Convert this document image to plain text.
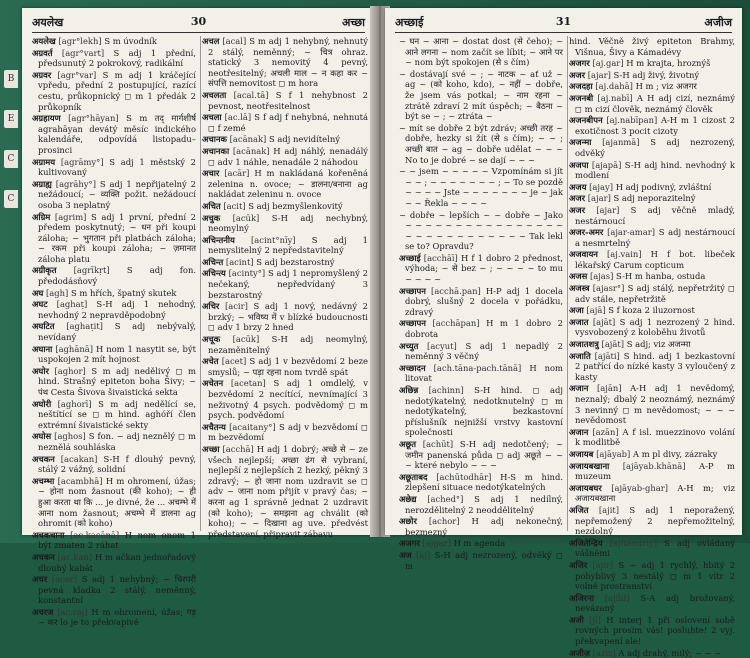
B
E
C
C
अयलेख	30	अच्छा
अयलेख [agr°lekh] S m úvodník
अग्रवर्त [agr°vart] S adj 1 přední, předsunutý 2 pokrokový, radikální
अग्रवर [agr°var] S m adj 1 kráčející vpředu, přední 2 postupující, razící cestu, průkopnický ◻ m 1 předák 2 průkopník
अग्रहायण [agr°hāyan] S m तद् मार्गशीर्ष agrahāyan devátý měsíc indického kalendáře, odpovídá listopadu–prosinci
अग्रामय [agrāmy°] S adj 1 městský 2 kultivovaný
अग्राह्य [agrāhy°] S adj 1 nepřijatelný 2 nežádoucí; ~ व्यक्ति požit. nežádoucí osoba 3 neplatný
अग्रिम [agrim] S adj 1 první, přední 2 předem poskytnutý; ~ धन při koupi záloha; ~ भुगतान při platbách záloha; ~ रकम při koupi záloha; ~ ज़मानत záloha platu
अग्रीकृत [agrīkṛt] S adj fon. předodásňový
अघ [agh] S m hřích, špatný skutek
अघट [aghaṭ] S-H adj 1 nehodný, nevhodný 2 nepravděpodobný
अघटित [aghaṭit] S adj nebývalý, nevídaný
अघाना [aghānā] H nom 1 nasytit se, být uspokojen 2 mít hojnost
अघोर [aghor] S m adj nedělivý ◻ m hind. Strašný epiteton boha Šivy; ~ पंथ Cesta Šivova šivaistická sekta
अघोरी [aghorī] S m adj nedělící se, neštítící se ◻ m hind. aghóří člen extrémní šivaistické sekty
अघोस [aghos] S fon. ~ adj neznělý ◻ m neznělá souhláska
अचकन [acakan] S-H f dlouhý pevný, stálý 2 vážný, solidní
अचम्भा [acambhā] H m ohromení, úžas; ~ होना nom žasnout (की koho); ~ ही हुआ करता था कि ... je divné, že ... अचम्भे में आना nom žasnout; अचम्भे में डालना ag ohromit (को koho)
अचकचाना [ac.kacānā] H nom onom 1 být zmaten 2 ráhat
अचकन [ac.kan] H m ačkan jednořadový dlouhý kabát
अचर [acar] S adj 1 nehybný; ~ चिरपरी pevná kladka 2 stálý, neměnný, konstantní
अचरज [ac.raj] H m ohromení, úžas; गड़ ~ कर lo je to překvapivé
अचल [acal] S m adj 1 nehybný, nehnutý 2 stálý, neměnný; ~ चित्र ohraz. statický 3 nemovitý 4 pevný, neotřesitelný; अचली माल ~ न कहा कर ~ संपत्ति nemovitost ◻ m hora
अचलता [acal.tā] S f 1 nehybnost 2 pevnost, neotřesitelnost
अचला [ac.lā] S f adj f nehybná, nehnutá ◻ f zemé
अचानक [acānak] S adj nevidítelný
अचानका [acānak] H adj náhlý, nenadálý ◻ adv 1 náhle, nenadále 2 náhodou
अचार [acār] H m nakládaná kořeněná zelenina n. ovoce; ~ डालना/बनाना ag nakládat zeleninu n. ovoce
अचित [acit] S adj bezmyšlenkovitý
अचुक [acūk] S-H adj nechybný, neomylný
अचिन्तनीय [acint°nīy] S adj 1 nemyslitelný 2 nepředstavitelný
अचिन्त [acint] S adj bezstarostný
अचिन्त्य [acinty°] S adj 1 nepromyšlený 2 nečekaný, nepředvídaný 3 bezstarostný
अचिर [acir] S adj 1 nový, nedávný 2 brzký; ~ भविष्य में v blízké budoucnosti ◻ adv 1 brzy 2 hned
अचूक [acūk] S-H adj neomylný, nezaměnitelný
अचेत [acet] S adj 1 v bezvědomí 2 beze smyslů; ~ पड़ा रहना nom tvrdě spát
अचेतन [acetan] S adj 1 omdlelý, v bezvědomí 2 necítící, nevnímající 3 neživotný 4 psych. podvědomý ◻ m psych. podvědomí
अचैतन्य [acaitany°] S adj v bezvědomí ◻ m bezvědomí
अच्छा [acchā] H adj 1 dobrý; अच्छे से ~ ze všech nejlepší; अच्छा ढंग से vybraní, nejlepší z nejlepších 2 hezký, pěkný 3 zdravý; ~ हो जाना nom uzdravit se ◻ adv ~ जाना nom přijít v pravý čas; ~ करना ag 1 správně jednat 2 uzdravit (को koho); ~ समझना ag chválit (को koho); ~ ~ दिखाना ag uve. předvést představení, připravit zábavu
अच्छाई	31	अजीज
~ घन ~ आना ~ dostat dost (से čeho); ~ आने लगना ~ nom začít se líbit; ~ आने पर ~ nom být spokojen (से s čím)
~ dostávají své ~ ; ~ नाटक ~ ať už ~ ag ~ (को koho, kdo), ~ नहीं ~ dobře, že jsem vás potkal; ~ नाम रहना ~ ztrátě zdraví 2 mít úspěch; ~ बैठना ~ být se ~ ; ~ ztráta ~
~ mít se dobře 2 být zdráv; अच्छी तरह ~ dobře, hezky si žít (से s čím); ~ ~ ; अच्छी बात ~ ag ~ dobře udělat ~ ~ ~ No to je dobré ~ se dají ~ ~ ~
~ ~ jsem ~ ~ ~ ~ ~ Vzpomínám si jít ~ ~ ; ~ ~ ~ ~ ~ ~ ~ ; ~ To se pozdě ~ ~ ~ ~ Jste ~ ~ ~ ~ ~ ~ ~ je ~ jak ~ ~ Řekla ~ ~ ~ ~
~ dobře ~ lepších ~ ~ dobře ~ Jako ~ ~ ~ ~ ~ ~ ~ ~ ~ ~ ~ ~ ~ ~ ~ ~ ~ ~ ~ ~ ~ ~ ~ ~ ~ ~ ~ ~ Tak lekl se to? Opravdu?
अच्छाई [acchāī] H f 1 dobro 2 přednost, výhoda; ~ से bez ~ ; ~ ~ ~ ~ to mu ~ ~ ~ ~
अच्छापन [acchā.pan] H-P adj 1 docela dobrý, slušný 2 docela v pořádku, zdravý
अच्छापन [acchāpan] H m 1 dobro 2 dobrota
अच्युत [acyut] S adj 1 nepadlý 2 neměnný 3 věčný
अच्छादन [ach.tāna-pach.tānā] H nom litovat
अछिन्न [achinn] S-H hind. ◻ adj nedotýkatelný, nedotknutelný ◻ m nedotýkatelný, bezkastovní příslušník nejnižší vrstvy kastovní společnosti
अछूत [achūt] S-H adj nedotčený; ~ जमीन panenská půda ◻ adj अछूते ~ ~ ~ které nebylo ~ ~ ~
अछूताबद [achūtodhār] H-S m hind. zlepšení situace nedotýkatelných
अछेद्य [ached°] S adj 1 nedílný, nerozdělitelný 2 neoddělitelný
अछोर [achor] H adj nekonečný, bezmezný
अजगर [ajgar] H m agenda
अज [aj] S-H adj nezrozený, odvěký ◻ m
hind. Věčně živý epiteton Brahmy, Višnua, Šivy a Kámadévy
अजगर [aj.gar] H m krajta, hroznýš
अजर [ajar] S-H adj živý, životný
अजदहा [aj.dahā] H m ; viz अजगर
अजनबी [aj.nabī] A H adj cizí, neznámý ◻ m cizí člověk, neznámý člověk
अजनबीपन [aj.nabīpan] A-H m 1 cizost 2 exotičnost 3 pocit cizoty
अजन्मा [ajanmā] S adj nezrozený, odvěký
अजपा [ajapā] S-H adj hind. nevhodný k modlení
अजय [ajay] H adj podivný, zvláštní
अजर [ajar] S adj neporazitelný
अजर [ajar] S adj věčně mladý, nestárnoucí
अजर-अमर [ajar-amar] S adj nestárnoucí a nesmrtelný
अजवायन [aj.vain] H f bot. libeček lékařský Carum copticum
अजस [ajas] S-H m hanba, ostuda
अजस्त्र [ajasr°] S adj stálý, nepřetržitý ◻ adv stále, nepřetržitě
अजा [ajā] S f koza 2 iluzornost
अजात [ajāt] S adj 1 nezrozený 2 hind. vysvobozený z koloběhu životů
अजातशत्रु [ajāt] S adj; viz अजन्मा
अजाति [ajāti] S hind. adj 1 bezkastovní 2 patřící do nízké kasty 3 vyloučený z kasty
अजान [ajān] A-H adj 1 nevědomý, neznalý; dbalý 2 neoznámý, neznámý 3 nevinný ◻ m nevědomost; ~ ~ ~ nevědomost
अजान [azān] A f isl. muezzinovo volání k modlitbě
अजायब [ajāyab] A m pl divy, zázraky
अजायबखाना [ajāyab.khānā] A-P m muzeum
अजायबघर [ajāyab-ghar] A-H m; viz अजायबखाना
अजित [ajit] S adj 1 neporažený, nepřemožený 2 nepřemožitelný, nezdolný
अजितेन्द्रिय [ajitendriy] S adj ovládaný vášněmi
अजिर [ajir] S ~ adj 1 rychlý, hbitý 2 pohyblivý 3 nestálý ◻ m 1 vítr 2 volné prostranství
अजिरना [ajild] S-A adj brožovaný, nevázaný
अजी [jī] H interj 1 při oslovení sobě rovných prosím vás! posluhte! 2 vyj. překvapení ale!
अजीज़ [aziz] A adj drahý, milý; ~ ~ ~
